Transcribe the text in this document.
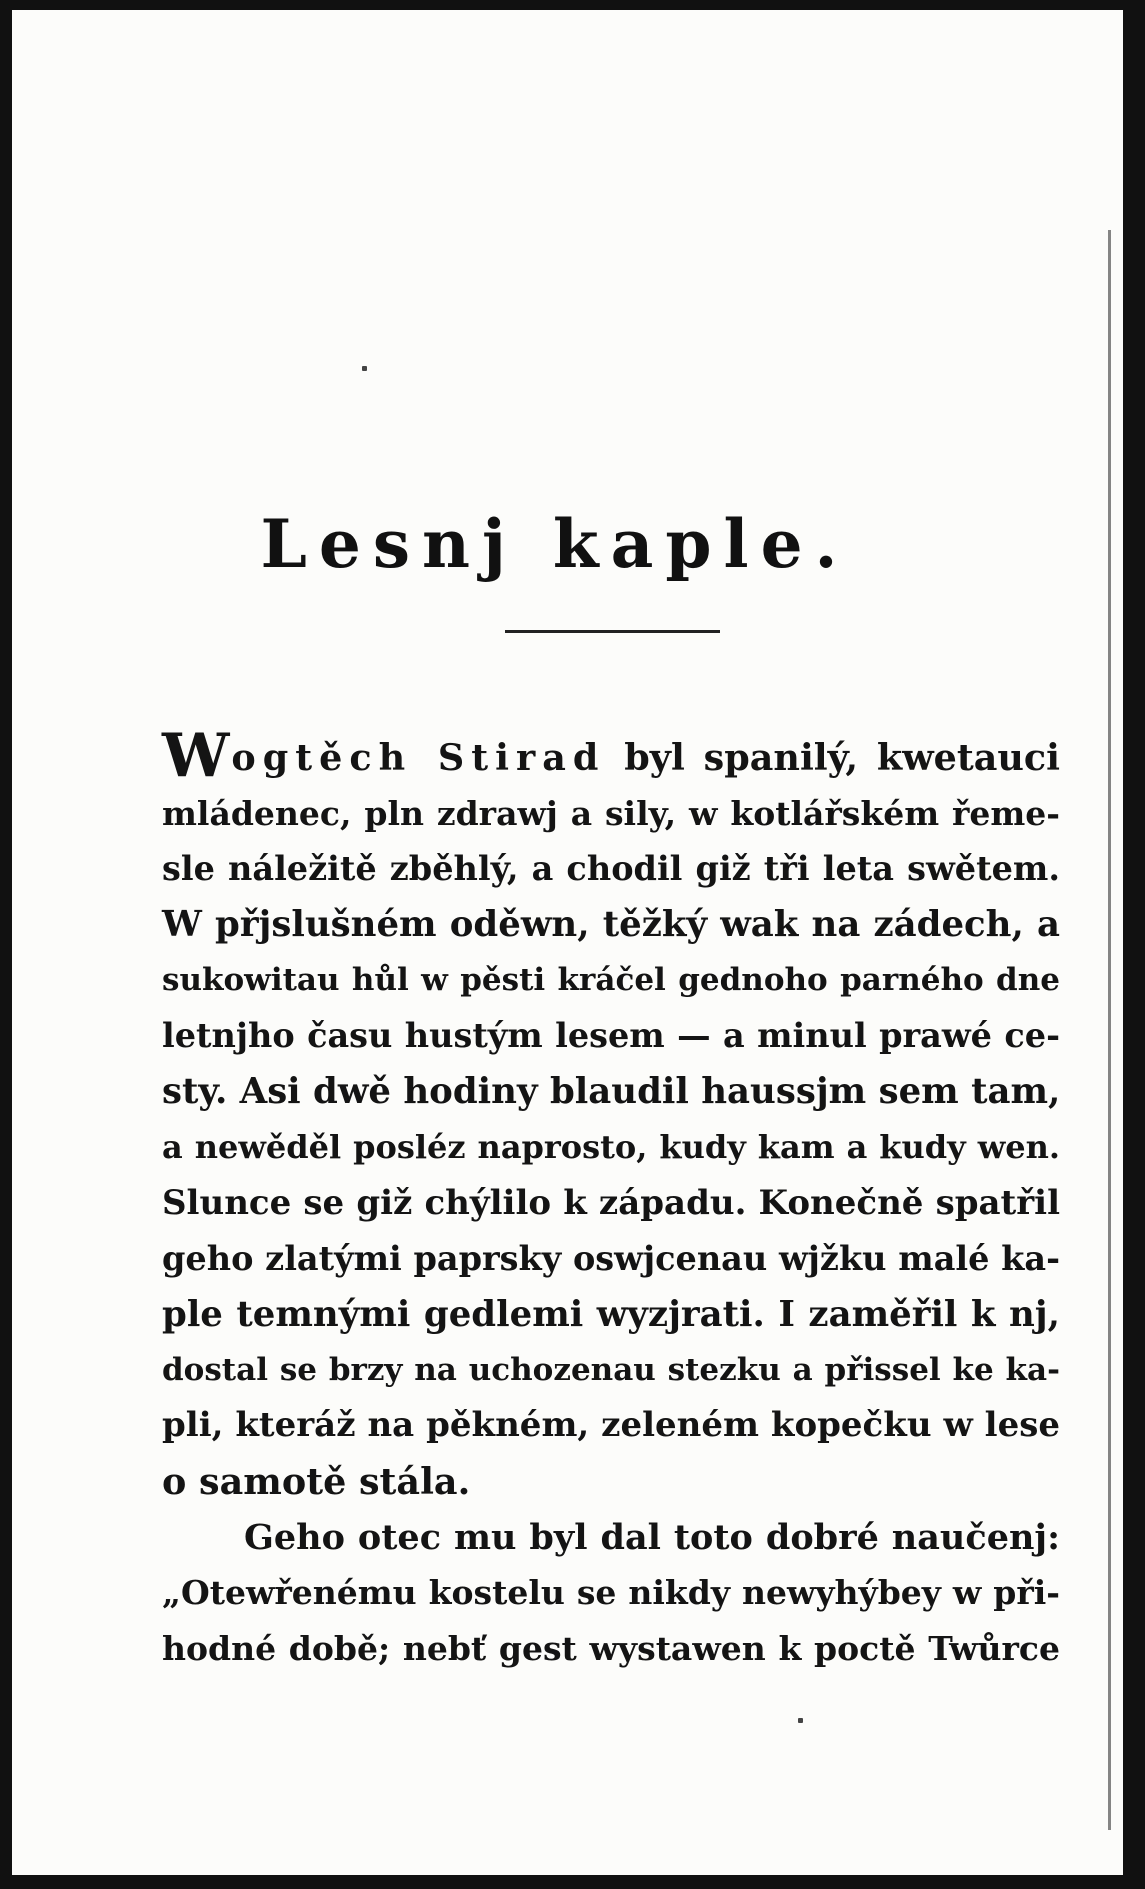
Lesnj kaple.
Wogtěch Stirad byl spanilý, kwetauci
mládenec, pln zdrawj a sily, w kotlářském řeme-
sle náležitě zběhlý, a chodil giž tři leta swětem.
W přjslušném oděwn, těžký wak na zádech, a
sukowitau hůl w pěsti kráčel gednoho parného dne
letnjho času hustým lesem — a minul prawé ce-
sty. Asi dwě hodiny blaudil haussjm sem tam,
a newěděl posléz naprosto, kudy kam a kudy wen.
Slunce se giž chýlilo k západu. Konečně spatřil
geho zlatými paprsky oswjcenau wjžku malé ka-
ple temnými gedlemi wyzjrati. I zaměřil k nj,
dostal se brzy na uchozenau stezku a přissel ke ka-
pli, kteráž na pěkném, zeleném kopečku w lese
o samotě stála.
Geho otec mu byl dal toto dobré naučenj:
„Otewřenému kostelu se nikdy newyhýbey w při-
hodné době; nebť gest wystawen k poctě Twůrce
